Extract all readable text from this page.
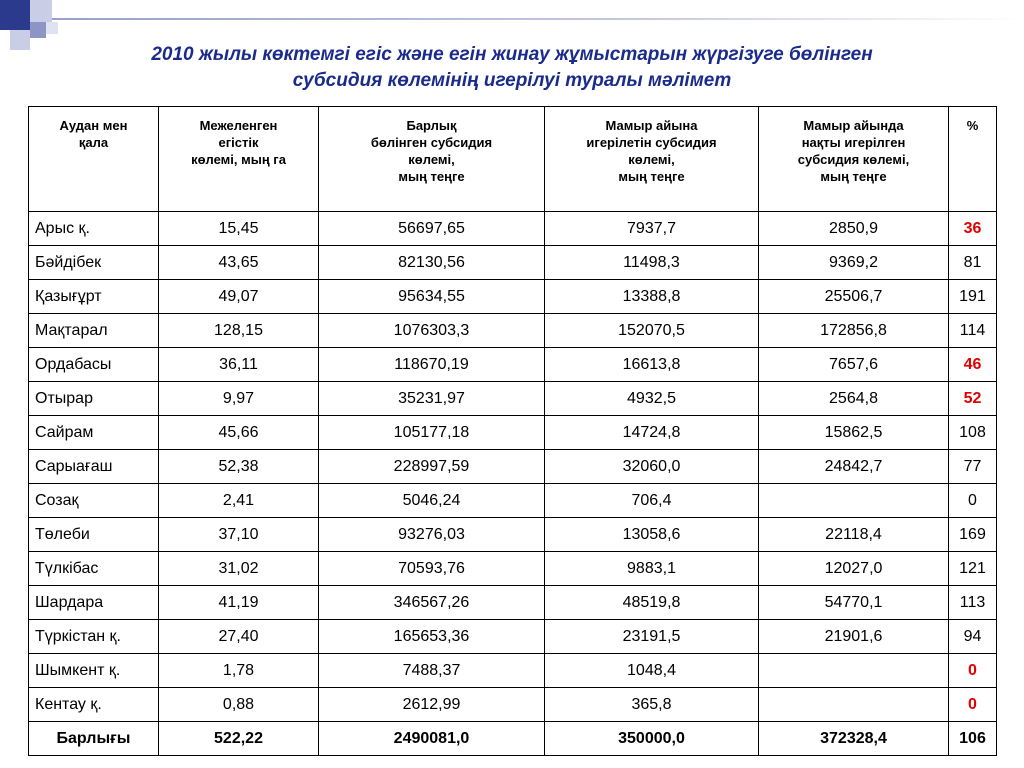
2010 жылы көктемгі егіс және егін жинау жұмыстарын жүргізуге бөлінген
субсидия көлемінің игерілуі туралы мәлімет
Аудан мен
қала	Межеленген
егістік
көлемі, мың га	Барлық
бөлінген субсидия
көлемі,
мың теңге	Мамыр айына
игерілетін субсидия
көлемі,
мың теңге	Мамыр айында
нақты игерілген
субсидия көлемі,
мың теңге	%

Арыс қ.	15,45	56697,65	7937,7	2850,9	36
Бәйдібек	43,65	82130,56	11498,3	9369,2	81
Қазығұрт	49,07	95634,55	13388,8	25506,7	191
Мақтарал	128,15	1076303,3	152070,5	172856,8	114
Ордабасы	36,11	118670,19	16613,8	7657,6	46
Отырар	9,97	35231,97	4932,5	2564,8	52
Сайрам	45,66	105177,18	14724,8	15862,5	108
Сарыағаш	52,38	228997,59	32060,0	24842,7	77
Созақ	2,41	5046,24	706,4		0
Төлеби	37,10	93276,03	13058,6	22118,4	169
Түлкібас	31,02	70593,76	9883,1	12027,0	121
Шардара	41,19	346567,26	48519,8	54770,1	113
Түркістан қ.	27,40	165653,36	23191,5	21901,6	94
Шымкент қ.	1,78	7488,37	1048,4		0
Кентау қ.	0,88	2612,99	365,8		0
Барлығы	522,22	2490081,0	350000,0	372328,4	106
